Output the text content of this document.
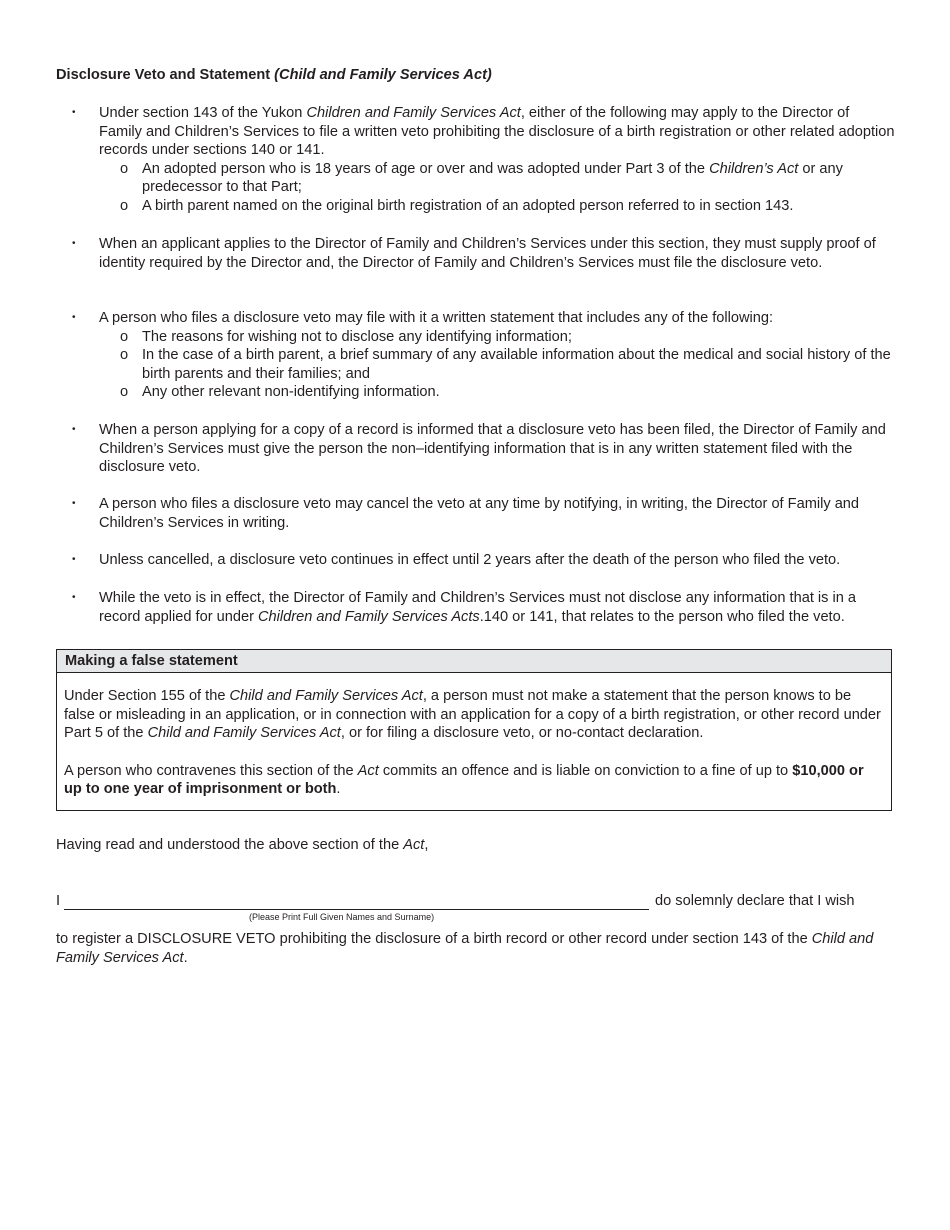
Disclosure Veto and Statement (Child and Family Services Act)
• Under section 143 of the Yukon Children and Family Services Act, either of the following may apply to the Director of Family and Children’s Services to file a written veto prohibiting the disclosure of a birth registration or other related adoption records under sections 140 or 141.
o An adopted person who is 18 years of age or over and was adopted under Part 3 of the Children’s Act or any predecessor to that Part;
o A birth parent named on the original birth registration of an adopted person referred to in section 143.
• When an applicant applies to the Director of Family and Children’s Services under this section, they must supply proof of identity required by the Director and, the Director of Family and Children’s Services must file the disclosure veto.
• A person who files a disclosure veto may file with it a written statement that includes any of the following:
o The reasons for wishing not to disclose any identifying information;
o In the case of a birth parent, a brief summary of any available information about the medical and social history of the birth parents and their families; and
o Any other relevant non-identifying information.
• When a person applying for a copy of a record is informed that a disclosure veto has been filed, the Director of Family and Children’s Services must give the person the non–identifying information that is in any written statement filed with the disclosure veto.
• A person who files a disclosure veto may cancel the veto at any time by notifying, in writing, the Director of Family and Children’s Services in writing.
• Unless cancelled, a disclosure veto continues in effect until 2 years after the death of the person who filed the veto.
• While the veto is in effect, the Director of Family and Children’s Services must not disclose any information that is in a record applied for under Children and Family Services Acts.140 or 141, that relates to the person who filed the veto.
Making a false statement

Under Section 155 of the Child and Family Services Act, a person must not make a statement that the person knows to be false or misleading in an application, or in connection with an application for a copy of a birth registration, or other record under Part 5 of the Child and Family Services Act, or for filing a disclosure veto, or no-contact declaration.

A person who contravenes this section of the Act commits an offence and is liable on conviction to a fine of up to $10,000 or up to one year of imprisonment or both.

Having read and understood the above section of the Act,
I	do solemnly declare that I wish
(Please Print Full Given Names and Surname)
to register a DISCLOSURE VETO prohibiting the disclosure of a birth record or other record under section 143 of the Child and Family Services Act.
